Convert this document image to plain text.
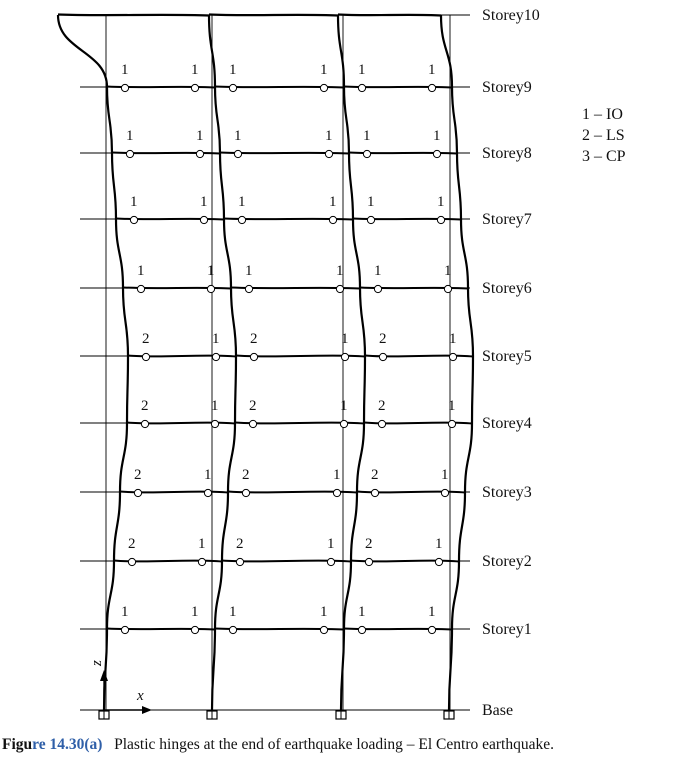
1	1 1	1 1	1
2	1 2	1 2	1
2	1 2	1 2	1
2	1 2	1 2	1
2	1 2	1 2	1
1	1 1	1 1	1
1	1 1	1 1	1
1	1 1	1 1	1
1	1 1	1 1	1
Base
Storey1
Storey2
Storey3
Storey4
Storey5
Storey6
Storey7
Storey8
Storey9
Storey10
1 – IO
2 – LS
3 – CP
x
z
Figure 14.30(a) Plastic hinges at the end of earthquake loading – El Centro earthquake.
